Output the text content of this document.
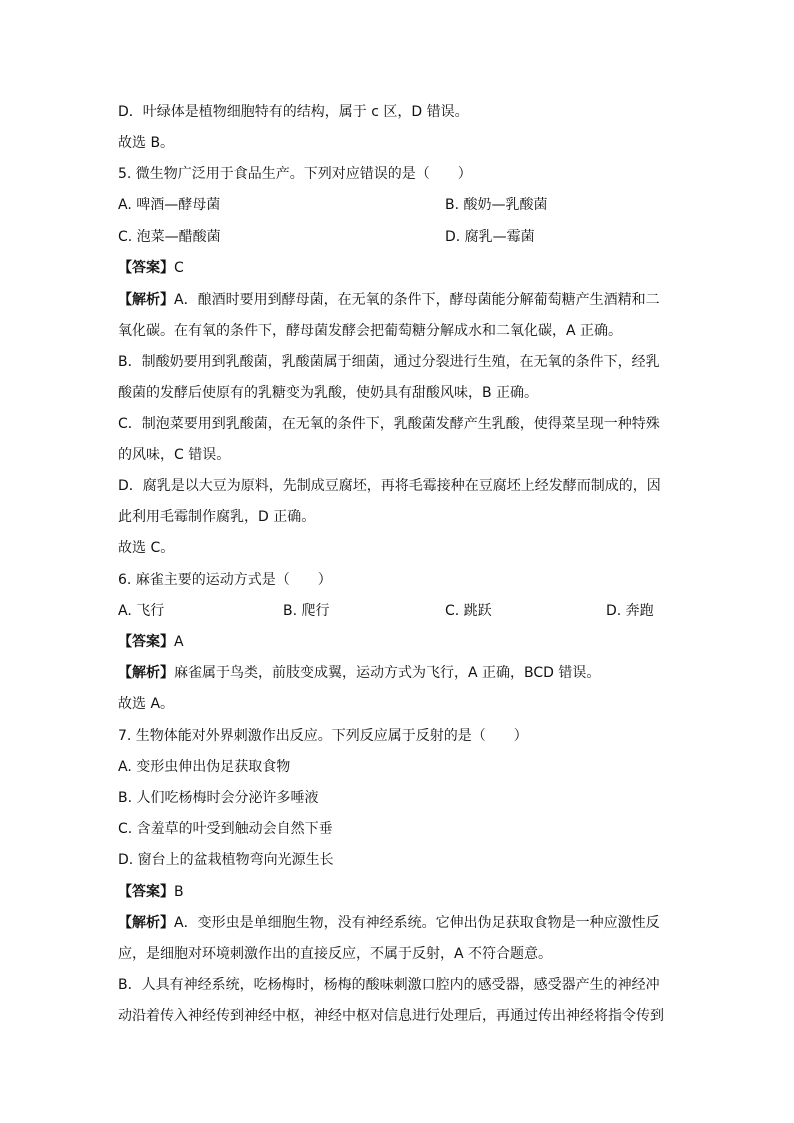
D．叶绿体是植物细胞特有的结构，属于 c 区，D 错误。
故选 B。
5. 微生物广泛用于食品生产。下列对应错误的是（　　）
A. 啤酒—酵母菌	B. 酸奶—乳酸菌
C. 泡菜—醋酸菌	D. 腐乳—霉菌
【答案】C
【解析】A．酿酒时要用到酵母菌，在无氧的条件下，酵母菌能分解葡萄糖产生酒精和二
氧化碳。在有氧的条件下，酵母菌发酵会把葡萄糖分解成水和二氧化碳，A 正确。
B．制酸奶要用到乳酸菌，乳酸菌属于细菌，通过分裂进行生殖，在无氧的条件下，经乳
酸菌的发酵后使原有的乳糖变为乳酸，使奶具有甜酸风味，B 正确。
C．制泡菜要用到乳酸菌，在无氧的条件下，乳酸菌发酵产生乳酸，使得菜呈现一种特殊
的风味，C 错误。
D．腐乳是以大豆为原料，先制成豆腐坯，再将毛霉接种在豆腐坯上经发酵而制成的，因
此利用毛霉制作腐乳，D 正确。
故选 C。
6. 麻雀主要的运动方式是（　　）
A. 飞行	B. 爬行	C. 跳跃	D. 奔跑
【答案】A
【解析】麻雀属于鸟类，前肢变成翼，运动方式为飞行，A 正确，BCD 错误。
故选 A。
7. 生物体能对外界刺激作出反应。下列反应属于反射的是（　　）
A. 变形虫伸出伪足获取食物
B. 人们吃杨梅时会分泌许多唾液
C. 含羞草的叶受到触动会自然下垂
D. 窗台上的盆栽植物弯向光源生长
【答案】B
【解析】A．变形虫是单细胞生物，没有神经系统。它伸出伪足获取食物是一种应激性反
应，是细胞对环境刺激作出的直接反应，不属于反射，A 不符合题意。
B．人具有神经系统，吃杨梅时，杨梅的酸味刺激口腔内的感受器，感受器产生的神经冲
动沿着传入神经传到神经中枢，神经中枢对信息进行处理后，再通过传出神经将指令传到
